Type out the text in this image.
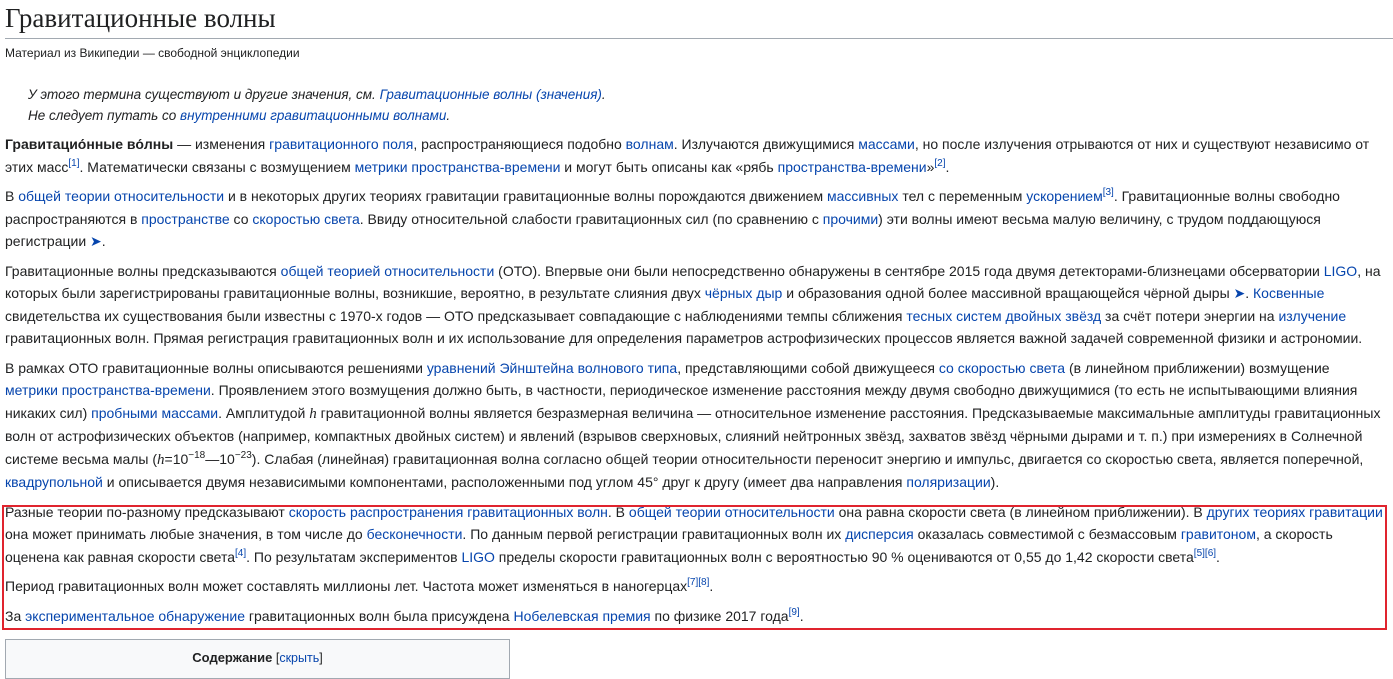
Гравитационные волны
Материал из Википедии — свободной энциклопедии
У этого термина существуют и другие значения, см. Гравитационные волны (значения).
Не следует путать со внутренними гравитационными волнами.

Гравитацио́нные во́лны — изменения гравитационного поля, распространяющиеся подобно волнам. Излучаются движущимися массами, но после излучения отрываются от них и существуют независимо от этих масс[1]. Математически связаны с возмущением метрики пространства-времени и могут быть описаны как «рябь пространства-времени»[2].

В общей теории относительности и в некоторых других теориях гравитации гравитационные волны порождаются движением массивных тел с переменным ускорением[3]. Гравитационные волны свободно распространяются в пространстве со скоростью света. Ввиду относительной слабости гравитационных сил (по сравнению с прочими) эти волны имеют весьма малую величину, с трудом поддающуюся регистрации ➤.

Гравитационные волны предсказываются общей теорией относительности (ОТО). Впервые они были непосредственно обнаружены в сентябре 2015 года двумя детекторами-близнецами обсерватории LIGO, на которых были зарегистрированы гравитационные волны, возникшие, вероятно, в результате слияния двух чёрных дыр и образования одной более массивной вращающейся чёрной дыры ➤. Косвенные свидетельства их существования были известны с 1970-х годов — ОТО предсказывает совпадающие с наблюдениями темпы сближения тесных систем двойных звёзд за счёт потери энергии на излучение гравитационных волн. Прямая регистрация гравитационных волн и их использование для определения параметров астрофизических процессов является важной задачей современной физики и астрономии.

В рамках ОТО гравитационные волны описываются решениями уравнений Эйнштейна волнового типа, представляющими собой движущееся со скоростью света (в линейном приближении) возмущение метрики пространства-времени. Проявлением этого возмущения должно быть, в частности, периодическое изменение расстояния между двумя свободно движущимися (то есть не испытывающими влияния никаких сил) пробными массами. Амплитудой h гравитационной волны является безразмерная величина — относительное изменение расстояния. Предсказываемые максимальные амплитуды гравитационных волн от астрофизических объектов (например, компактных двойных систем) и явлений (взрывов сверхновых, слияний нейтронных звёзд, захватов звёзд чёрными дырами и т. п.) при измерениях в Солнечной системе весьма малы $(h=10^{-18}—10^{-23})$. Слабая (линейная) гравитационная волна согласно общей теории относительности переносит энергию и импульс, двигается со скоростью света, является поперечной, квадрупольной и описывается двумя независимыми компонентами, расположенными под углом 45° друг к другу (имеет два направления поляризации).

Разные теории по-разному предсказывают скорость распространения гравитационных волн. В общей теории относительности она равна скорости света (в линейном приближении). В других теориях гравитации она может принимать любые значения, в том числе до бесконечности. По данным первой регистрации гравитационных волн их дисперсия оказалась совместимой с безмассовым гравитоном, а скорость оценена как равная скорости света[4]. По результатам экспериментов LIGO пределы скорости гравитационных волн с вероятностью 90 % оцениваются от 0,55 до 1,42 скорости света[5][6].

Период гравитационных волн может составлять миллионы лет. Частота может изменяться в наногерцах[7][8].

За экспериментальное обнаружение гравитационных волн была присуждена Нобелевская премия по физике 2017 года[9].

Содержание [скрыть]
